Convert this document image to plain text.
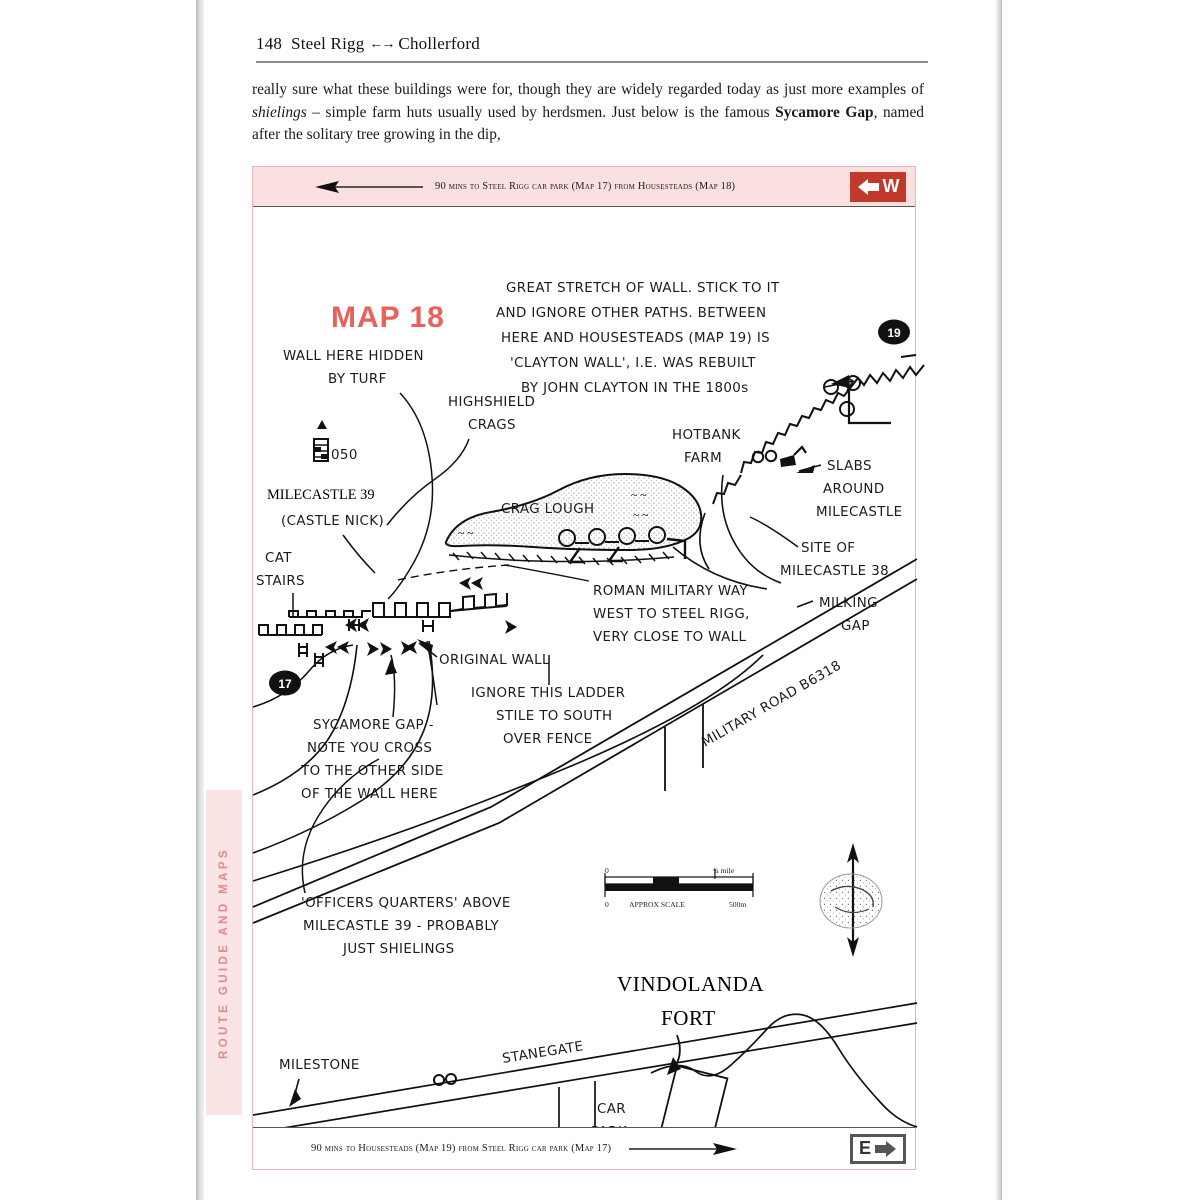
ROUTE GUIDE AND MAPS
148 Steel Rigg ←→ Chollerford
really sure what these buildings were for, though they are widely regarded today as just more examples of shielings – simple farm huts usually used by herdsmen. Just below is the famous Sycamore Gap, named after the solitary tree growing in the dip,
90 mins to Steel Rigg car park (Map 17) from Housesteads (Map 18)	W
MAP 18
GREAT STRETCH OF WALL. STICK TO IT
AND IGNORE OTHER PATHS. BETWEEN
HERE AND HOUSESTEADS (MAP 19) IS
'CLAYTON WALL', I.E. WAS REBUILT
BY JOHN CLAYTON IN THE 1800s
19
HOTBANK
FARM
SLABS
AROUND
MILECASTLE
SITE OF
MILECASTLE 38
MILKING
GAP
CRAG LOUGH
~ ~
~ ~
~ ~
HIGHSHIELD
CRAGS
WALL HERE HIDDEN
BY TURF
050
MILECASTLE 39
(CASTLE NICK)
CAT
STAIRS
17
ORIGINAL WALL
ROMAN MILITARY WAY
WEST TO STEEL RIGG,
VERY CLOSE TO WALL
IGNORE THIS LADDER
STILE TO SOUTH
OVER FENCE
SYCAMORE GAP -
NOTE YOU CROSS
TO THE OTHER SIDE
OF THE WALL HERE
MILITARY ROAD B6318
'OFFICERS QUARTERS' ABOVE
MILECASTLE 39 - PROBABLY
JUST SHIELINGS
0	¼ mile
0	APPROX SCALE	500m
VINDOLANDA
FORT
MILESTONE	STANEGATE
CAR
90 mins to Housesteads (Map 19) from Steel Rigg car park (Map 17)	E
